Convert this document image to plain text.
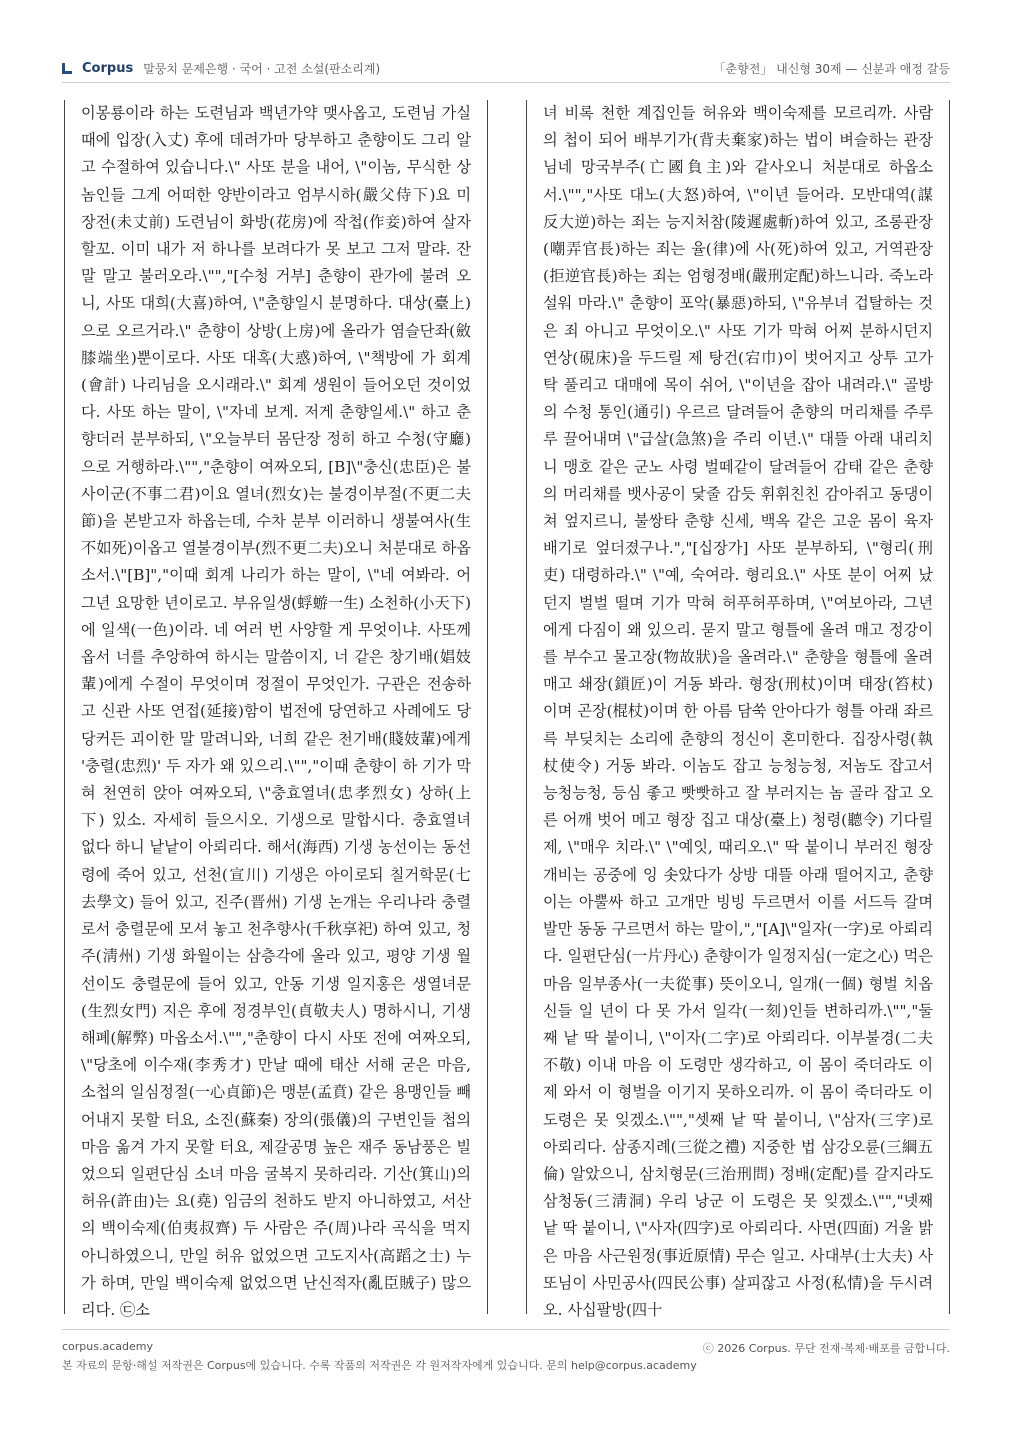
Corpus 말뭉치 문제은행 · 국어 · 고전 소설(판소리계)	「춘향전」 내신형 30제 — 신분과 애정 갈등
이몽룡이라 하는 도련님과 백년가약 맺사옵고, 도련님 가실 때에 입장(入丈) 후에 데려가마 당부하고 춘향이도 그리 알고 수절하여 있습니다.\" 사또 분을 내어, \"이놈, 무식한 상놈인들 그게 어떠한 양반이라고 엄부시하(嚴父侍下)요 미장전(未丈前) 도련님이 화방(花房)에 작첩(作妾)하여 살자 할꼬. 이미 내가 저 하나를 보려다가 못 보고 그저 말랴. 잔말 말고 불러오라.\"","[수청 거부] 춘향이 관가에 불려 오니, 사또 대희(大喜)하여, \"춘향일시 분명하다. 대상(臺上)으로 오르거라.\" 춘향이 상방(上房)에 올라가 염슬단좌(斂膝端坐)뿐이로다. 사또 대혹(大惑)하여, \"책방에 가 회계(會計) 나리님을 오시래라.\" 회계 생원이 들어오던 것이었다. 사또 하는 말이, \"자네 보게. 저게 춘향일세.\" 하고 춘향더러 분부하되, \"오늘부터 몸단장 정히 하고 수청(守廳)으로 거행하라.\"","춘향이 여짜오되, [B]\"충신(忠臣)은 불사이군(不事二君)이요 열녀(烈女)는 불경이부절(不更二夫節)을 본받고자 하옵는데, 수차 분부 이러하니 생불여사(生不如死)이옵고 열불경이부(烈不更二夫)오니 처분대로 하옵소서.\"[B]","이때 회계 나리가 하는 말이, \"네 여봐라. 어 그년 요망한 년이로고. 부유일생(蜉蝣一生) 소천하(小天下)에 일색(一色)이라. 네 여러 번 사양할 게 무엇이냐. 사또께옵서 너를 추앙하여 하시는 말씀이지, 너 같은 창기배(娼妓輩)에게 수절이 무엇이며 정절이 무엇인가. 구관은 전송하고 신관 사또 연접(延接)함이 법전에 당연하고 사례에도 당당커든 괴이한 말 말려니와, 너희 같은 천기배(賤妓輩)에게 '충렬(忠烈)' 두 자가 왜 있으리.\"","이때 춘향이 하 기가 막혀 천연히 앉아 여짜오되, \"충효열녀(忠孝烈女) 상하(上下) 있소. 자세히 들으시오. 기생으로 말합시다. 충효열녀 없다 하니 낱낱이 아뢰리다. 해서(海西) 기생 농선이는 동선령에 죽어 있고, 선천(宣川) 기생은 아이로되 칠거학문(七去學文) 들어 있고, 진주(晋州) 기생 논개는 우리나라 충렬로서 충렬문에 모셔 놓고 천추향사(千秋享祀) 하여 있고, 청주(淸州) 기생 화월이는 삼층각에 올라 있고, 평양 기생 월선이도 충렬문에 들어 있고, 안동 기생 일지홍은 생열녀문(生烈女門) 지은 후에 정경부인(貞敬夫人) 명하시니, 기생 해폐(解弊) 마옵소서.\"","춘향이 다시 사또 전에 여짜오되, \"당초에 이수재(李秀才) 만날 때에 태산 서해 굳은 마음, 소첩의 일심정절(一心貞節)은 맹분(孟賁) 같은 용맹인들 빼어내지 못할 터요, 소진(蘇秦) 장의(張儀)의 구변인들 첩의 마음 옮겨 가지 못할 터요, 제갈공명 높은 재주 동남풍은 빌었으되 일편단심 소녀 마음 굴복지 못하리라. 기산(箕山)의 허유(許由)는 요(堯) 임금의 천하도 받지 아니하였고, 서산의 백이숙제(伯夷叔齊) 두 사람은 주(周)나라 곡식을 먹지 아니하였으니, 만일 허유 없었으면 고도지사(高蹈之士) 누가 하며, 만일 백이숙제 없었으면 난신적자(亂臣賊子) 많으리다. ㉢소
녀 비록 천한 계집인들 허유와 백이숙제를 모르리까. 사람의 첩이 되어 배부기가(背夫棄家)하는 법이 벼슬하는 관장님네 망국부주(亡國負主)와 같사오니 처분대로 하옵소서.\"","사또 대노(大怒)하여, \"이년 들어라. 모반대역(謀反大逆)하는 죄는 능지처참(陵遲處斬)하여 있고, 조롱관장(嘲弄官長)하는 죄는 율(律)에 사(死)하여 있고, 거역관장(拒逆官長)하는 죄는 엄형정배(嚴刑定配)하느니라. 죽노라 설워 마라.\" 춘향이 포악(暴惡)하되, \"유부녀 겁탈하는 것은 죄 아니고 무엇이오.\" 사또 기가 막혀 어찌 분하시던지 연상(硯床)을 두드릴 제 탕건(宕巾)이 벗어지고 상투 고가 탁 풀리고 대매에 목이 쉬어, \"이년을 잡아 내려라.\" 골방의 수청 통인(通引) 우르르 달려들어 춘향의 머리채를 주루루 끌어내며 \"급살(急煞)을 주리 이년.\" 대뜰 아래 내리치니 맹호 같은 군노 사령 벌떼같이 달려들어 감태 같은 춘향의 머리채를 뱃사공이 닻줄 감듯 휘휘친친 감아쥐고 동댕이쳐 엎지르니, 불쌍타 춘향 신세, 백옥 같은 고운 몸이 육자배기로 엎더졌구나.","[십장가] 사또 분부하되, \"형리(刑吏) 대령하라.\" \"예, 숙여라. 형리요.\" 사또 분이 어찌 났던지 벌벌 떨며 기가 막혀 허푸허푸하며, \"여보아라, 그년에게 다짐이 왜 있으리. 묻지 말고 형틀에 올려 매고 정강이를 부수고 물고장(物故狀)을 올려라.\" 춘향을 형틀에 올려 매고 쇄장(鎖匠)이 거동 봐라. 형장(刑杖)이며 태장(笞杖)이며 곤장(棍杖)이며 한 아름 담쑥 안아다가 형틀 아래 좌르륵 부딪치는 소리에 춘향의 정신이 혼미한다. 집장사령(執杖使令) 거동 봐라. 이놈도 잡고 능청능청, 저놈도 잡고서 능청능청, 등심 좋고 빳빳하고 잘 부러지는 놈 골라 잡고 오른 어깨 벗어 메고 형장 집고 대상(臺上) 청령(聽令) 기다릴 제, \"매우 치라.\" \"예잇, 때리오.\" 딱 붙이니 부러진 형장개비는 공중에 잉 솟았다가 상방 대뜰 아래 떨어지고, 춘향이는 아뿔싸 하고 고개만 빙빙 두르면서 이를 서드득 갈며 발만 동동 구르면서 하는 말이,","[A]\"일자(一字)로 아뢰리다. 일편단심(一片丹心) 춘향이가 일정지심(一定之心) 먹은 마음 일부종사(一夫從事) 뜻이오니, 일개(一個) 형벌 치옵신들 일 년이 다 못 가서 일각(一刻)인들 변하리까.\"","둘째 낱 딱 붙이니, \"이자(二字)로 아뢰리다. 이부불경(二夫不敬) 이내 마음 이 도령만 생각하고, 이 몸이 죽더라도 이제 와서 이 형벌을 이기지 못하오리까. 이 몸이 죽더라도 이 도령은 못 잊겠소.\"","셋째 낱 딱 붙이니, \"삼자(三字)로 아뢰리다. 삼종지례(三從之禮) 지중한 법 삼강오륜(三綱五倫) 알았으니, 삼치형문(三治刑問) 정배(定配)를 갈지라도 삼청동(三淸洞) 우리 낭군 이 도령은 못 잊겠소.\"","넷째 낱 딱 붙이니, \"사자(四字)로 아뢰리다. 사면(四面) 거울 밝은 마음 사근원정(事近原情) 무슨 일고. 사대부(士大夫) 사또님이 사민공사(四民公事) 살피잖고 사정(私情)을 두시려오. 사십팔방(四十
corpus.academy	ⓒ 2026 Corpus. 무단 전재·복제·배포를 금합니다.
본 자료의 문항·해설 저작권은 Corpus에 있습니다. 수록 작품의 저작권은 각 원저작자에게 있습니다. 문의 help@corpus.academy
